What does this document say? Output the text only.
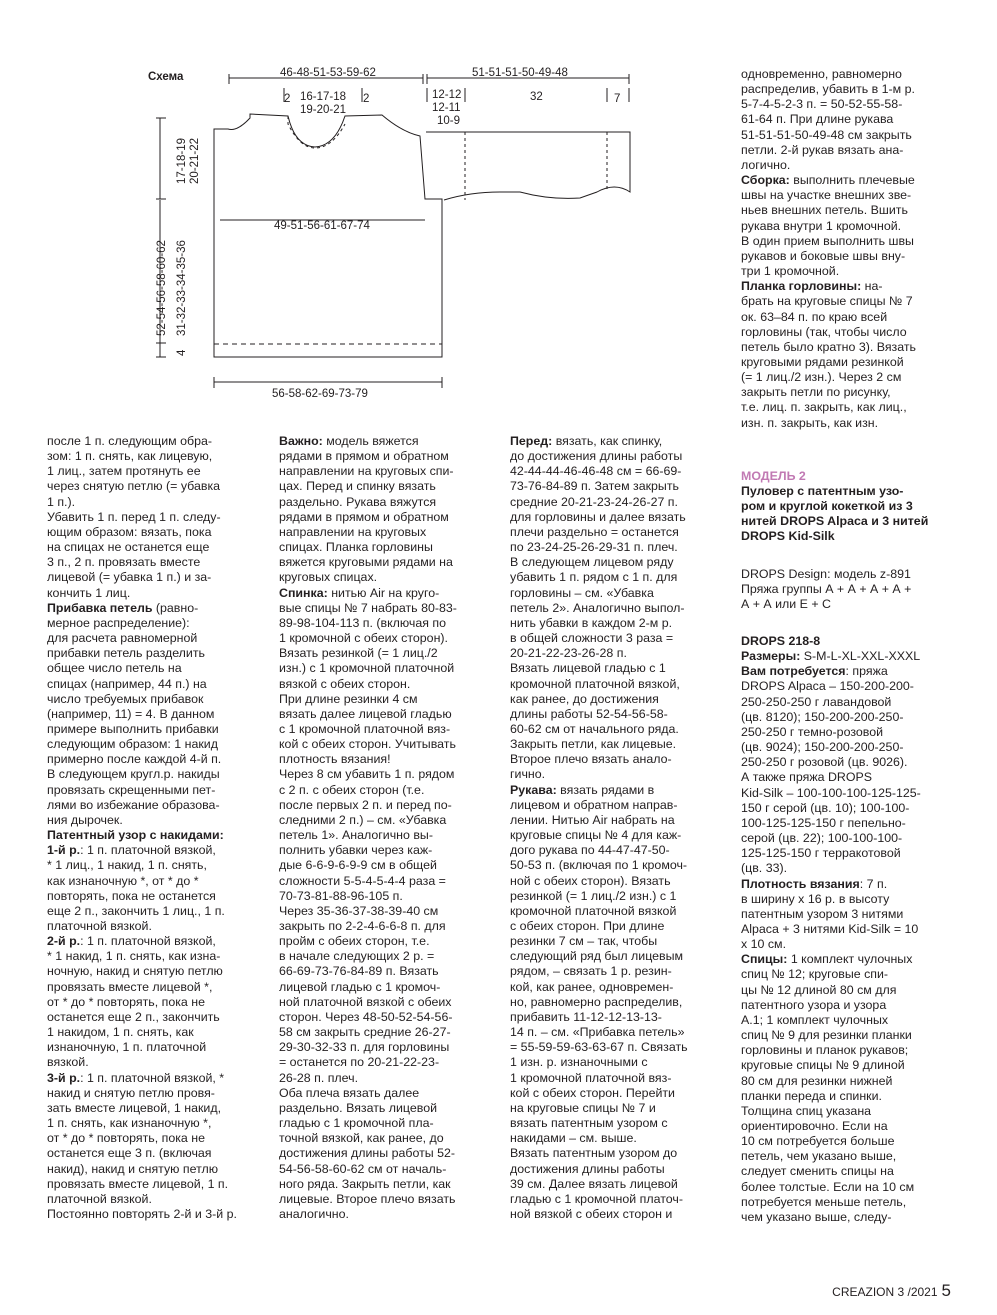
Схема	46-48-51-53-59-62	51-51-51-50-49-48
2 16-17-18
19-20-21
2	12-12
12-11
10-9
32	7
17-18-19 20-21-22
52-54-56-58-60-62 31-32-33-34-35-36
4
49-51-56-61-67-74
56-58-62-69-73-79

после 1 п. следующим обра-

зом: 1 п. снять, как лицевую,

1 лиц., затем протянуть ее

через снятую петлю (= убавка

1 п.).

Убавить 1 п. перед 1 п. следу-

ющим образом: вязать, пока

на спицах не останется еще

3 п., 2 п. провязать вместе

лицевой (= убавка 1 п.) и за-

кончить 1 лиц.

Прибавка петель (равно-

мерное распределение):

для расчета равномерной

прибавки петель разделить

общее число петель на

спицах (например, 44 п.) на

число требуемых прибавок

(например, 11) = 4. В данном

примере выполнить прибавки

следующим образом: 1 накид

примерно после каждой 4-й п.

В следующем кругл.р. накиды

провязать скрещенными пет-

лями во избежание образова-

ния дырочек.

Патентный узор с накидами:

1-й р.: 1 п. платочной вязкой,

* 1 лиц., 1 накид, 1 п. снять,

как изнаночную *, от * до *

повторять, пока не останется

еще 2 п., закончить 1 лиц., 1 п.

платочной вязкой.

2-й р.: 1 п. платочной вязкой,

* 1 накид, 1 п. снять, как изна-

ночную, накид и снятую петлю

провязать вместе лицевой *,

от * до * повторять, пока не

останется еще 2 п., закончить

1 накидом, 1 п. снять, как

изнаночную, 1 п. платочной

вязкой.

3-й р.: 1 п. платочной вязкой, *

накид и снятую петлю провя-

зать вместе лицевой, 1 накид,

1 п. снять, как изнаночную *,

от * до * повторять, пока не

останется еще 3 п. (включая

накид), накид и снятую петлю

провязать вместе лицевой, 1 п.

платочной вязкой.

Постоянно повторять 2-й и 3-й р.

Важно: модель вяжется

рядами в прямом и обратном

направлении на круговых спи-

цах. Перед и спинку вязать

раздельно. Рукава вяжутся

рядами в прямом и обратном

направлении на круговых

спицах. Планка горловины

вяжется круговыми рядами на

круговых спицах.

Спинка: нитью Air на круго-

вые спицы № 7 набрать 80-83-

89-98-104-113 п. (включая по

1 кромочной с обеих сторон).

Вязать резинкой (= 1 лиц./2

изн.) с 1 кромочной платочной

вязкой с обеих сторон.

При длине резинки 4 см

вязать далее лицевой гладью

с 1 кромочной платочной вяз-

кой с обеих сторон. Учитывать

плотность вязания!

Через 8 см убавить 1 п. рядом

с 2 п. с обеих сторон (т.е.

после первых 2 п. и перед по-

следними 2 п.) – см. «Убавка

петель 1». Аналогично вы-

полнить убавки через каж-

дые 6-6-9-6-9-9 см в общей

сложности 5-5-4-5-4-4 раза =

70-73-81-88-96-105 п.

Через 35-36-37-38-39-40 см

закрыть по 2-2-4-6-6-8 п. для

пройм с обеих сторон, т.е.

в начале следующих 2 р. =

66-69-73-76-84-89 п. Вязать

лицевой гладью с 1 кромоч-

ной платочной вязкой с обеих

сторон. Через 48-50-52-54-56-

58 см закрыть средние 26-27-

29-30-32-33 п. для горловины

= останется по 20-21-22-23-

26-28 п. плеч.

Оба плеча вязать далее

раздельно. Вязать лицевой

гладью с 1 кромочной пла-

точной вязкой, как ранее, до

достижения длины работы 52-

54-56-58-60-62 см от началь-

ного ряда. Закрыть петли, как

лицевые. Второе плечо вязать

аналогично.

Перед: вязать, как спинку,

до достижения длины работы

42-44-44-46-46-48 см = 66-69-

73-76-84-89 п. Затем закрыть

средние 20-21-23-24-26-27 п.

для горловины и далее вязать

плечи раздельно = останется

по 23-24-25-26-29-31 п. плеч.

В следующем лицевом ряду

убавить 1 п. рядом с 1 п. для

горловины – см. «Убавка

петель 2». Аналогично выпол-

нить убавки в каждом 2-м р.

в общей сложности 3 раза =

20-21-22-23-26-28 п.

Вязать лицевой гладью с 1

кромочной платочной вязкой,

как ранее, до достижения

длины работы 52-54-56-58-

60-62 см от начального ряда.

Закрыть петли, как лицевые.

Второе плечо вязать анало-

гично.

Рукава: вязать рядами в

лицевом и обратном направ-

лении. Нитью Air набрать на

круговые спицы № 4 для каж-

дого рукава по 44-47-47-50-

50-53 п. (включая по 1 кромоч-

ной с обеих сторон). Вязать

резинкой (= 1 лиц./2 изн.) с 1

кромочной платочной вязкой

с обеих сторон. При длине

резинки 7 см – так, чтобы

следующий ряд был лицевым

рядом, – связать 1 р. резин-

кой, как ранее, одновремен-

но, равномерно распределив,

прибавить 11-12-12-13-13-

14 п. – см. «Прибавка петель»

= 55-59-59-63-63-67 п. Связать

1 изн. р. изнаночными с

1 кромочной платочной вяз-

кой с обеих сторон. Перейти

на круговые спицы № 7 и

вязать патентным узором с

накидами – см. выше.

Вязать патентным узором до

достижения длины работы

39 см. Далее вязать лицевой

гладью с 1 кромочной платоч-

ной вязкой с обеих сторон и

одновременно, равномерно

распределив, убавить в 1-м р.

5-7-4-5-2-3 п. = 50-52-55-58-

61-64 п. При длине рукава

51-51-51-50-49-48 см закрыть

петли. 2-й рукав вязать ана-

логично.

Сборка: выполнить плечевые

швы на участке внешних зве-

ньев внешних петель. Вшить

рукава внутри 1 кромочной.

В один прием выполнить швы

рукавов и боковые швы вну-

три 1 кромочной.

Планка горловины: на-

брать на круговые спицы № 7

ок. 63–84 п. по краю всей

горловины (так, чтобы число

петель было кратно 3). Вязать

круговыми рядами резинкой

(= 1 лиц./2 изн.). Через 2 см

закрыть петли по рисунку,

т.е. лиц. п. закрыть, как лиц.,

изн. п. закрыть, как изн.

МОДЕЛЬ 2

Пуловер с патентным узо-

ром и круглой кокеткой из 3

нитей DROPS Alpaca и 3 нитей

DROPS Kid-Silk

DROPS Design: модель z-891

Пряжа группы А + А + А + А +

А + А или Е + С

DROPS 218-8

Размеры: S-M-L-XL-XXL-XXXL

Вам потребуется: пряжа

DROPS Alpaca – 150-200-200-

250-250-250 г лавандовой

(цв. 8120); 150-200-200-250-

250-250 г темно-розовой

(цв. 9024); 150-200-200-250-

250-250 г розовой (цв. 9026).

А также пряжа DROPS

Kid-Silk – 100-100-100-125-125-

150 г серой (цв. 10); 100-100-

100-125-125-150 г пепельно-

серой (цв. 22); 100-100-100-

125-125-150 г терракотовой

(цв. 33).

Плотность вязания: 7 п.

в ширину х 16 р. в высоту

патентным узором 3 нитями

Alpaca + 3 нитями Kid-Silk = 10

х 10 см.

Спицы: 1 комплект чулочных

спиц № 12; круговые спи-

цы № 12 длиной 80 см для

патентного узора и узора

А.1; 1 комплект чулочных

спиц № 9 для резинки планки

горловины и планок рукавов;

круговые спицы № 9 длиной

80 см для резинки нижней

планки переда и спинки.

Толщина спиц указана

ориентировочно. Если на

10 см потребуется больше

петель, чем указано выше,

следует сменить спицы на

более толстые. Если на 10 см

потребуется меньше петель,

чем указано выше, следу-

CREAZION 3 /2021 5
